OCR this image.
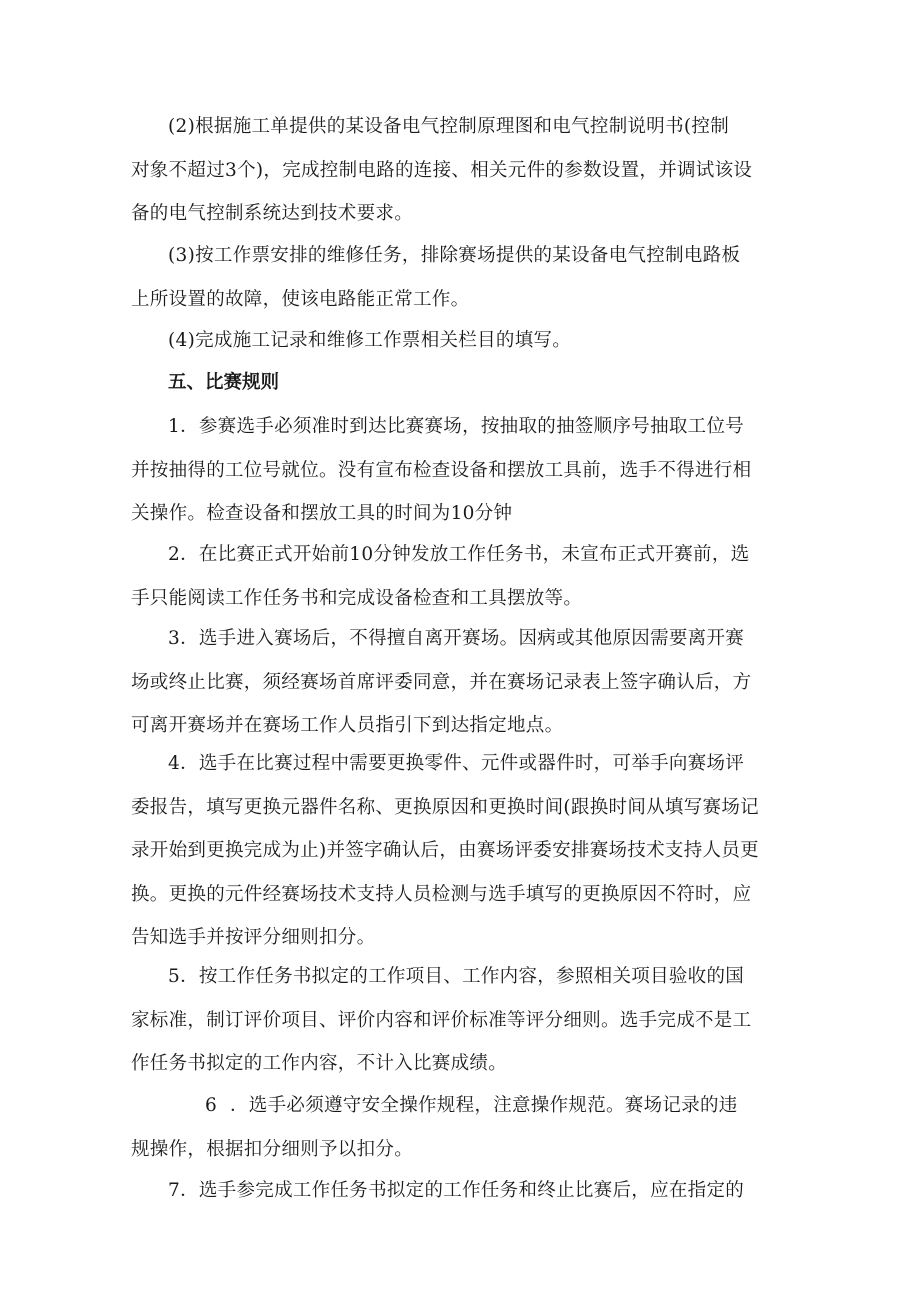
(2)根据施工单提供的某设备电气控制原理图和电气控制说明书(控制
对象不超过3个)，完成控制电路的连接、相关元件的参数设置，并调试该设
备的电气控制系统达到技术要求。
(3)按工作票安排的维修任务，排除赛场提供的某设备电气控制电路板
上所设置的故障，使该电路能正常工作。
(4)完成施工记录和维修工作票相关栏目的填写。
五、比赛规则
1．参赛选手必须准时到达比赛赛场，按抽取的抽签顺序号抽取工位号
并按抽得的工位号就位。没有宣布检查设备和摆放工具前，选手不得进行相
关操作。检查设备和摆放工具的时间为10分钟
2．在比赛正式开始前10分钟发放工作任务书，未宣布正式开赛前，选
手只能阅读工作任务书和完成设备检查和工具摆放等。
3．选手进入赛场后，不得擅自离开赛场。因病或其他原因需要离开赛
场或终止比赛，须经赛场首席评委同意，并在赛场记录表上签字确认后，方
可离开赛场并在赛场工作人员指引下到达指定地点。
4．选手在比赛过程中需要更换零件、元件或器件时，可举手向赛场评
委报告，填写更换元器件名称、更换原因和更换时间(跟换时间从填写赛场记
录开始到更换完成为止)并签字确认后，由赛场评委安排赛场技术支持人员更
换。更换的元件经赛场技术支持人员检测与选手填写的更换原因不符时，应
告知选手并按评分细则扣分。
5．按工作任务书拟定的工作项目、工作内容，参照相关项目验收的国
家标准，制订评价项目、评价内容和评价标准等评分细则。选手完成不是工
作任务书拟定的工作内容，不计入比赛成绩。
6 ．选手必须遵守安全操作规程，注意操作规范。赛场记录的违
规操作，根据扣分细则予以扣分。
7．选手参完成工作任务书拟定的工作任务和终止比赛后，应在指定的
